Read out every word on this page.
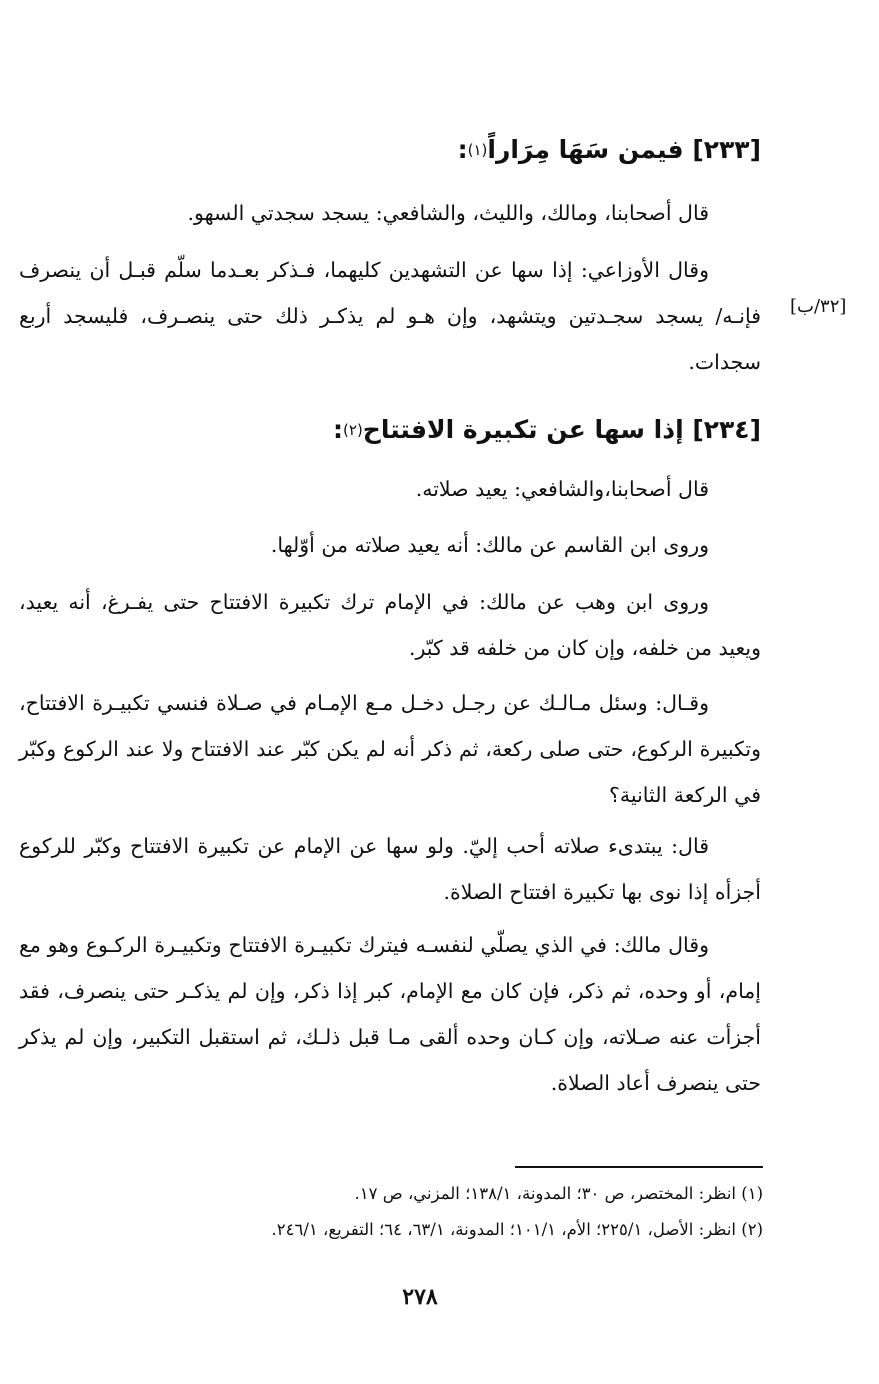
[٢٣٣] فيمن سَهَا مِرَاراً$^{(١)}$:

قال أصحابنا، ومالك، والليث، والشافعي: يسجد سجدتي السهو.

وقال الأوزاعي: إذا سها عن التشهدين كليهما، فـذكر بعـدما سلّم قبـل أن ينصرف فإنـه/ يسجد سجـدتين ويتشهد، وإن هـو لم يذكـر ذلك حتى ينصـرف، فليسجد أربع سجدات.

[٣٢/ب]
[٢٣٤] إذا سها عن تكبيرة الافتتاح$^{(٢)}$:

قال أصحابنا،والشافعي: يعيد صلاته.

وروى ابن القاسم عن مالك: أنه يعيد صلاته من أوّلها.

وروى ابن وهب عن مالك: في الإمام ترك تكبيرة الافتتاح حتى يفـرغ، أنه يعيد، ويعيد من خلفه، وإن كان من خلفه قد كبّر.

وقـال: وسئل مـالـك عن رجـل دخـل مـع الإمـام في صـلاة فنسي تكبيـرة الافتتاح، وتكبيرة الركوع، حتى صلى ركعة، ثم ذكر أنه لم يكن كبّر عند الافتتاح ولا عند الركوع وكبّر في الركعة الثانية؟

قال: يبتدىء صلاته أحب إليّ. ولو سها عن الإمام عن تكبيرة الافتتاح وكبّر للركوع أجزأه إذا نوى بها تكبيرة افتتاح الصلاة.

وقال مالك: في الذي يصلّي لنفسـه فيترك تكبيـرة الافتتاح وتكبيـرة الركـوع وهو مع إمام، أو وحده، ثم ذكر، فإن كان مع الإمام، كبر إذا ذكر، وإن لم يذكـر حتى ينصرف، فقد أجزأت عنه صـلاته، وإن كـان وحده ألقى مـا قبل ذلـك، ثم استقبل التكبير، وإن لم يذكر حتى ينصرف أعاد الصلاة.

(١) انظر: المختصر، ص ٣٠؛ المدونة، ١٣٨/١؛ المزني، ص ١٧.
(٢) انظر: الأصل، ٢٢٥/١؛ الأم، ١٠١/١؛ المدونة، ٦٣/١، ٦٤؛ التفريع، ٢٤٦/١.
٢٧٨
